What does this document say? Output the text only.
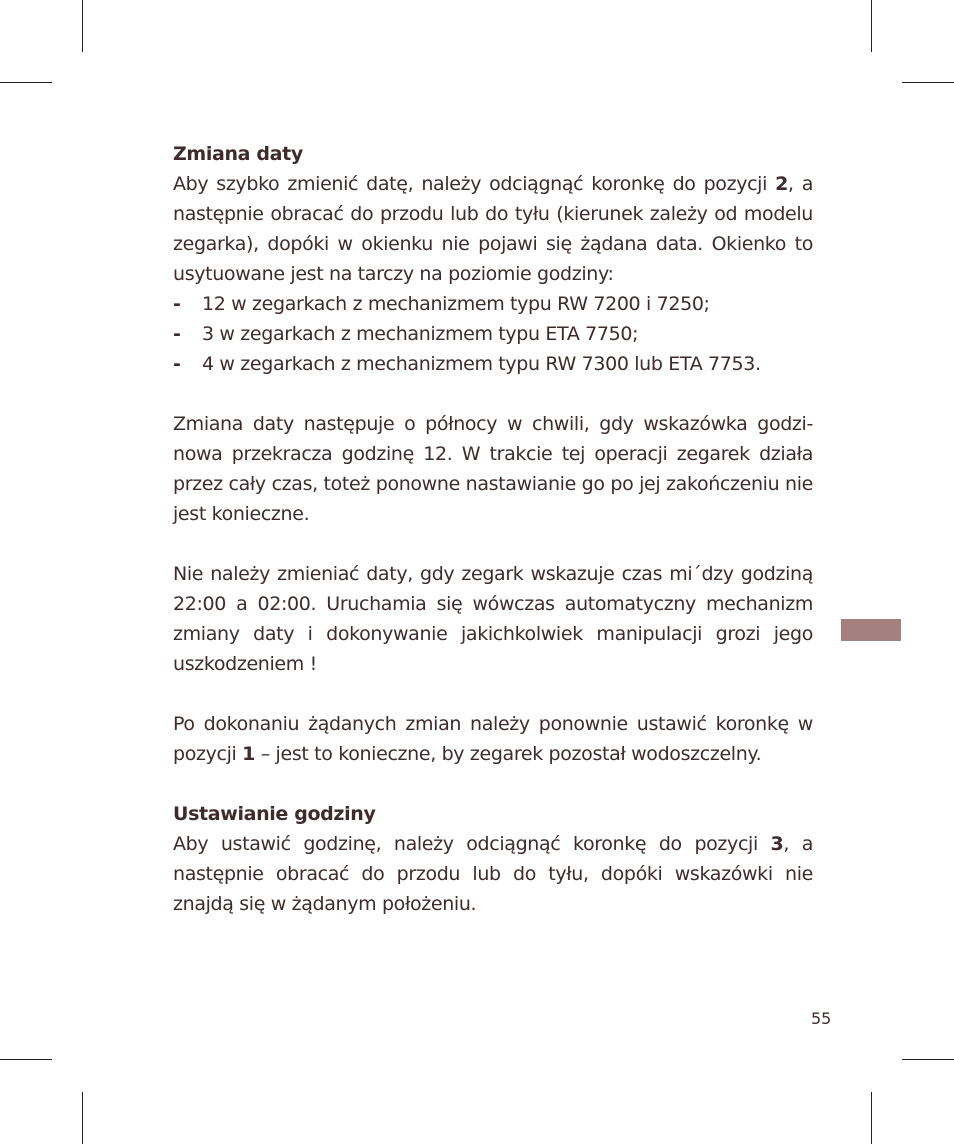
Zmiana daty

Aby szybko zmienić datę, należy odciągnąć koronkę do pozycji 2, a następnie obracać do przodu lub do tyłu (kierunek zależy od modelu zegarka), dopóki w okienku nie pojawi się żądana data. Okienko to usytuowane jest na tarczy na poziomie godziny:

- 12 w zegarkach z mechanizmem typu RW 7200 i 7250;
- 3 w zegarkach z mechanizmem typu ETA 7750;
- 4 w zegarkach z mechanizmem typu RW 7300 lub ETA 7753.

Zmiana daty następuje o północy w chwili, gdy wskazówka godzi-nowa przekracza godzinę 12. W trakcie tej operacji zegarek działa przez cały czas, toteż ponowne nastawianie go po jej zakończeniu nie jest konieczne.

Nie należy zmieniać daty, gdy zegark wskazuje czas mi´dzy godziną 22:00 a 02:00. Uruchamia się wówczas automatyczny mechanizm zmiany daty i dokonywanie jakichkolwiek manipulacji grozi jego uszkodzeniem !

Po dokonaniu żądanych zmian należy ponownie ustawić koronkę w pozycji 1 – jest to konieczne, by zegarek pozostał wodoszczelny.

Ustawianie godziny

Aby ustawić godzinę, należy odciągnąć koronkę do pozycji 3, a następnie obracać do przodu lub do tyłu, dopóki wskazówki nie znajdą się w żądanym położeniu.

55
